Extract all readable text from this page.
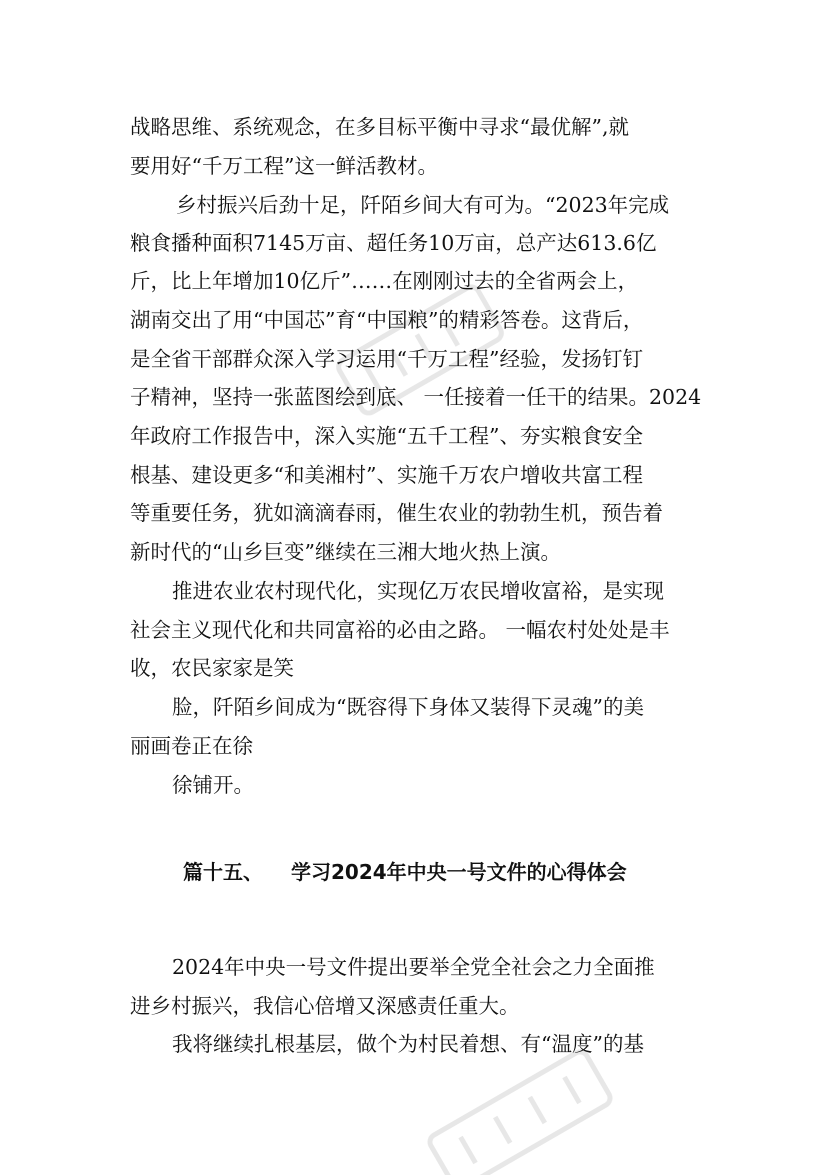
战略思维、系统观念，在多目标平衡中寻求“最优解”,就

要用好“千万工程”这一鲜活教材。

乡村振兴后劲十足，阡陌乡间大有可为。“2023年完成

粮食播种面积7145万亩、超任务10万亩，总产达613.6亿

斤，比上年增加10亿斤”……在刚刚过去的全省两会上，

湖南交出了用“中国芯”育“中国粮”的精彩答卷。这背后，

是全省干部群众深入学习运用“千万工程”经验，发扬钉钉

子精神，坚持一张蓝图绘到底、 一任接着一任干的结果。2024

年政府工作报告中，深入实施“五千工程”、夯实粮食安全

根基、建设更多“和美湘村”、实施千万农户增收共富工程

等重要任务，犹如滴滴春雨，催生农业的勃勃生机，预告着

新时代的“山乡巨变”继续在三湘大地火热上演。

推进农业农村现代化，实现亿万农民增收富裕，是实现

社会主义现代化和共同富裕的必由之路。 一幅农村处处是丰

收，农民家家是笑

脸，阡陌乡间成为“既容得下身体又装得下灵魂”的美

丽画卷正在徐

徐铺开。

篇十五、 学习2024年中央一号文件的心得体会

2024年中央一号文件提出要举全党全社会之力全面推

进乡村振兴，我信心倍增又深感责任重大。

我将继续扎根基层，做个为村民着想、有“温度”的基
